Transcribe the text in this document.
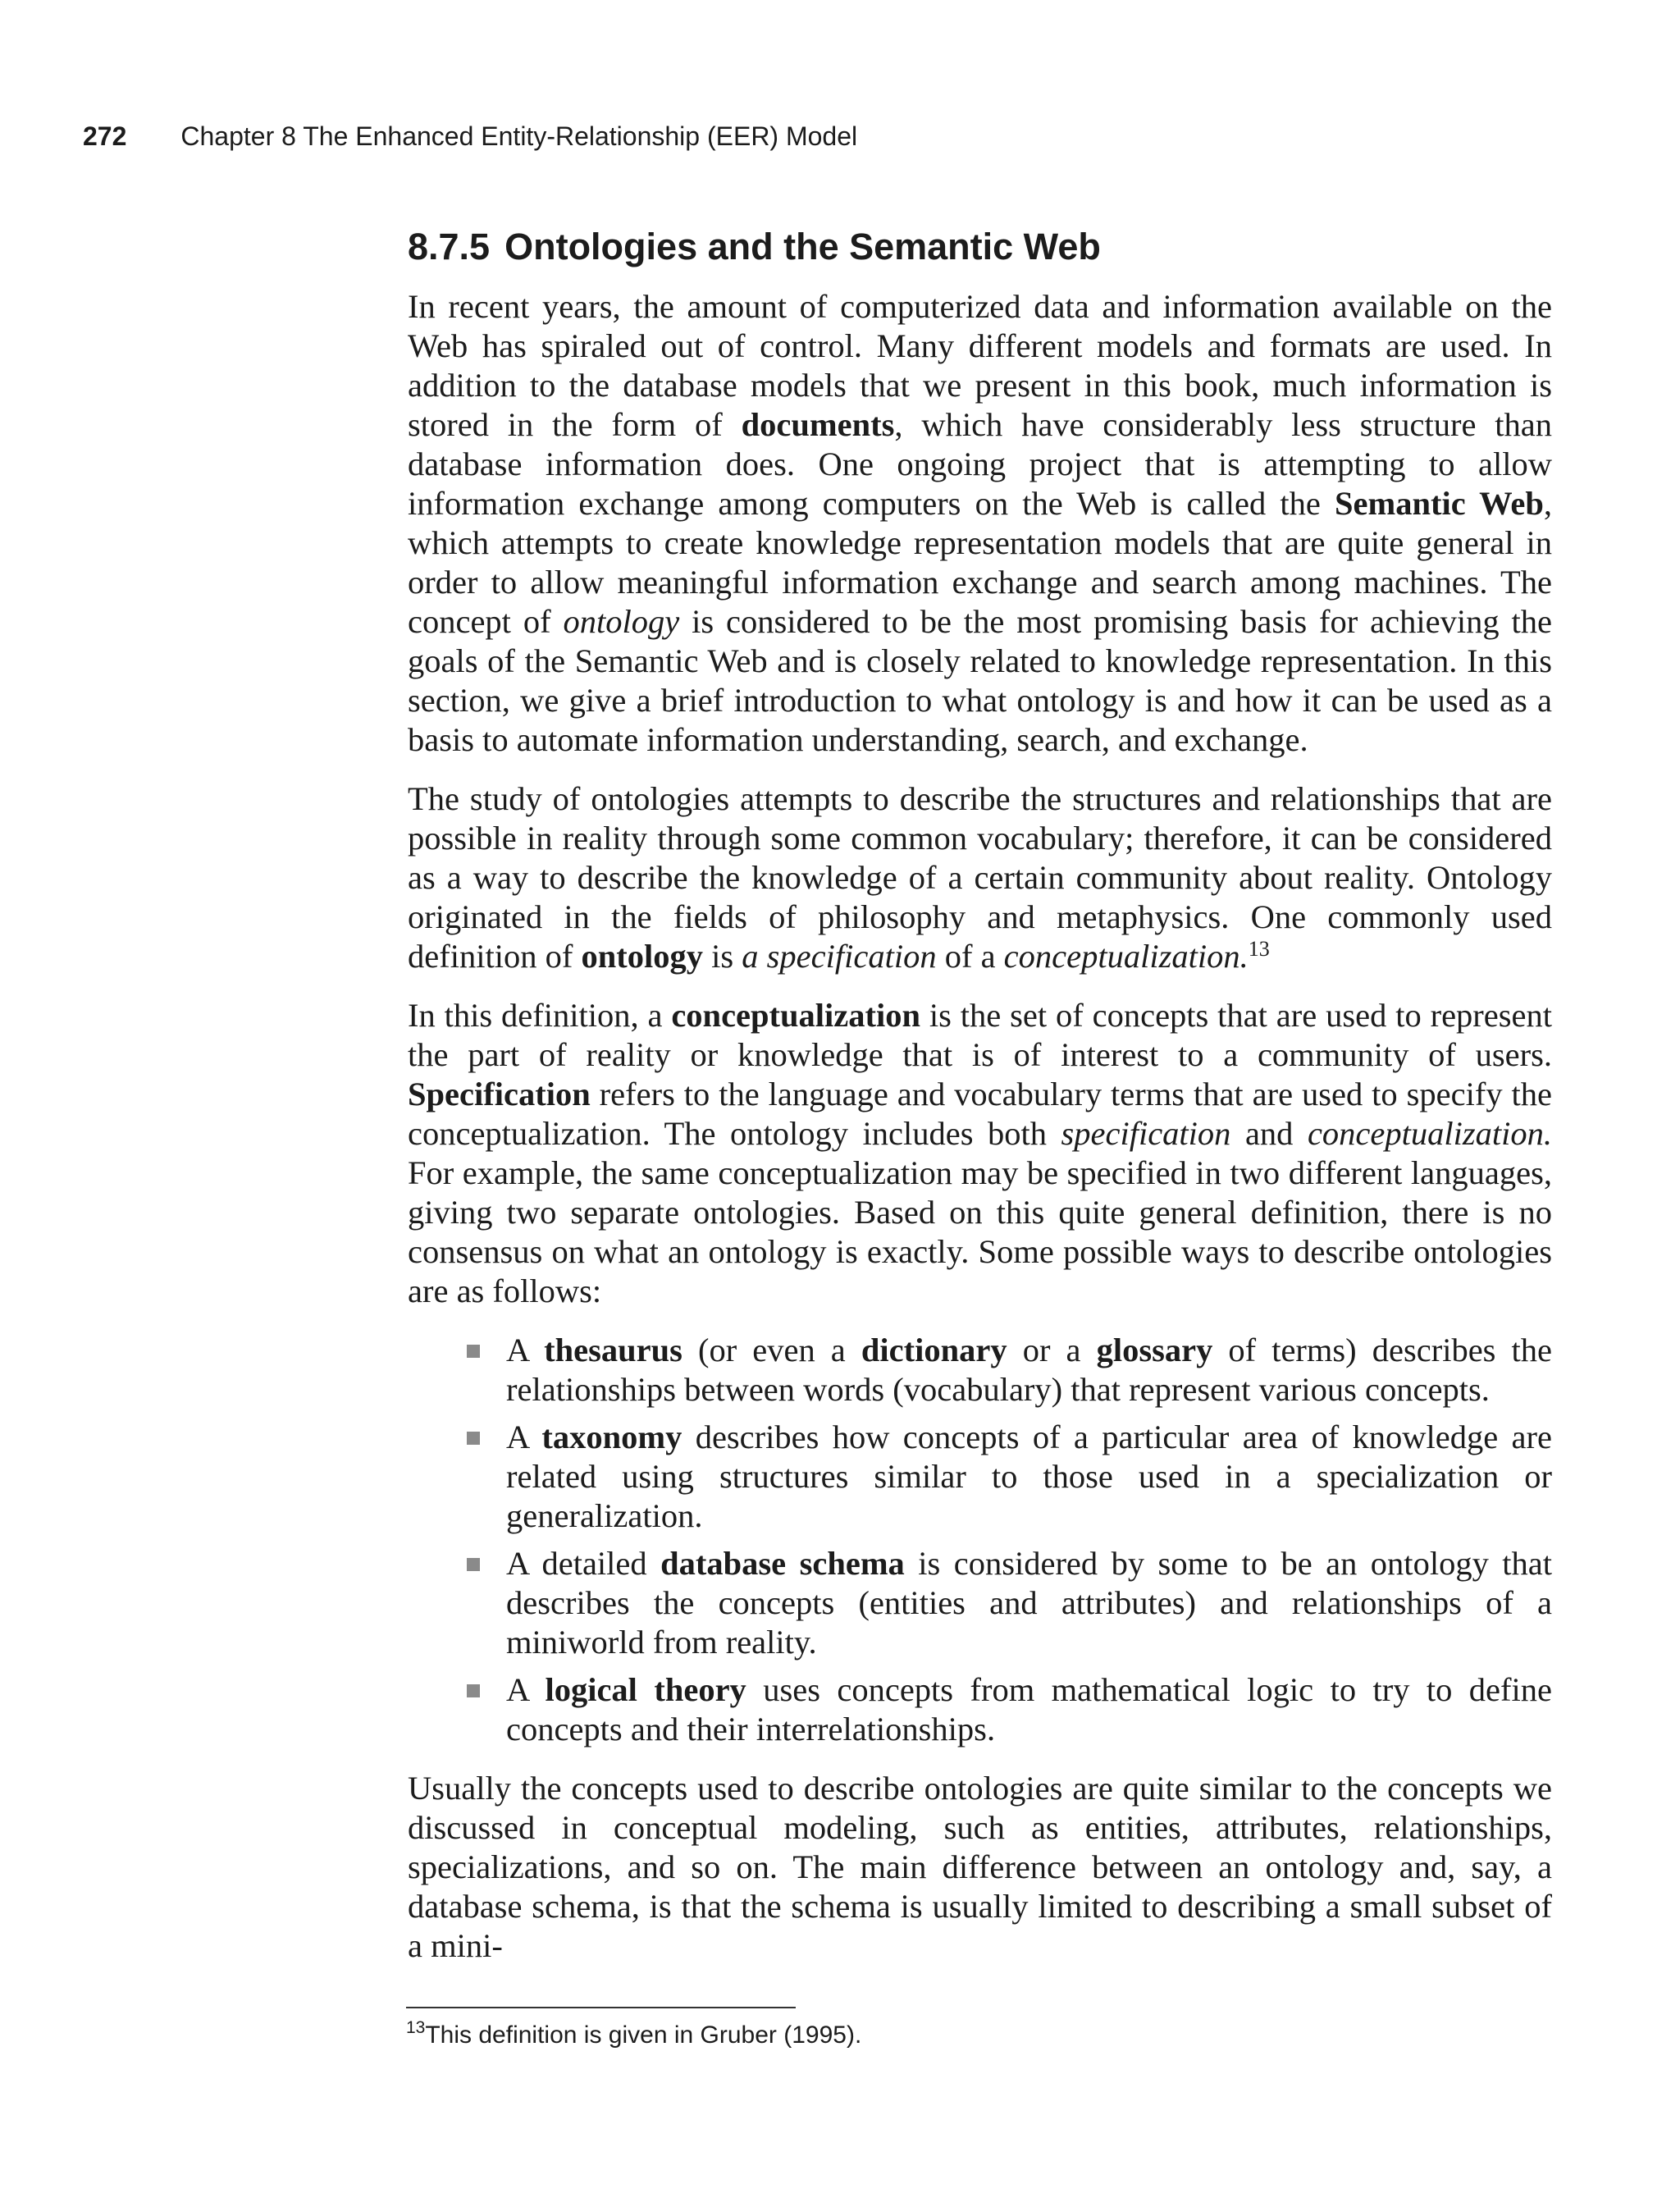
272 Chapter 8 The Enhanced Entity-Relationship (EER) Model
8.7.5 Ontologies and the Semantic Web

In recent years, the amount of computerized data and information available on the Web has spiraled out of control. Many different models and formats are used. In addition to the database models that we present in this book, much information is stored in the form of documents, which have considerably less structure than database information does. One ongoing project that is attempting to allow information exchange among computers on the Web is called the Semantic Web, which attempts to create knowledge representation models that are quite general in order to allow meaningful information exchange and search among machines. The concept of ontology is considered to be the most promising basis for achieving the goals of the Semantic Web and is closely related to knowledge representation. In this section, we give a brief introduction to what ontology is and how it can be used as a basis to automate information understanding, search, and exchange.

The study of ontologies attempts to describe the structures and relationships that are possible in reality through some common vocabulary; therefore, it can be considered as a way to describe the knowledge of a certain community about reality. Ontology originated in the fields of philosophy and metaphysics. One commonly used definition of ontology is a specification of a conceptualization.$^{13}$

In this definition, a conceptualization is the set of concepts that are used to represent the part of reality or knowledge that is of interest to a community of users. Specification refers to the language and vocabulary terms that are used to specify the conceptualization. The ontology includes both specification and conceptualization. For example, the same conceptualization may be specified in two different languages, giving two separate ontologies. Based on this quite general definition, there is no consensus on what an ontology is exactly. Some possible ways to describe ontologies are as follows:

A thesaurus (or even a dictionary or a glossary of terms) describes the relationships between words (vocabulary) that represent various concepts.
A taxonomy describes how concepts of a particular area of knowledge are related using structures similar to those used in a specialization or generalization.
A detailed database schema is considered by some to be an ontology that describes the concepts (entities and attributes) and relationships of a miniworld from reality.
A logical theory uses concepts from mathematical logic to try to define concepts and their interrelationships.

Usually the concepts used to describe ontologies are quite similar to the concepts we discussed in conceptual modeling, such as entities, attributes, relationships, specializations, and so on. The main difference between an ontology and, say, a database schema, is that the schema is usually limited to describing a small subset of a mini-

$^{13}$This definition is given in Gruber (1995).
